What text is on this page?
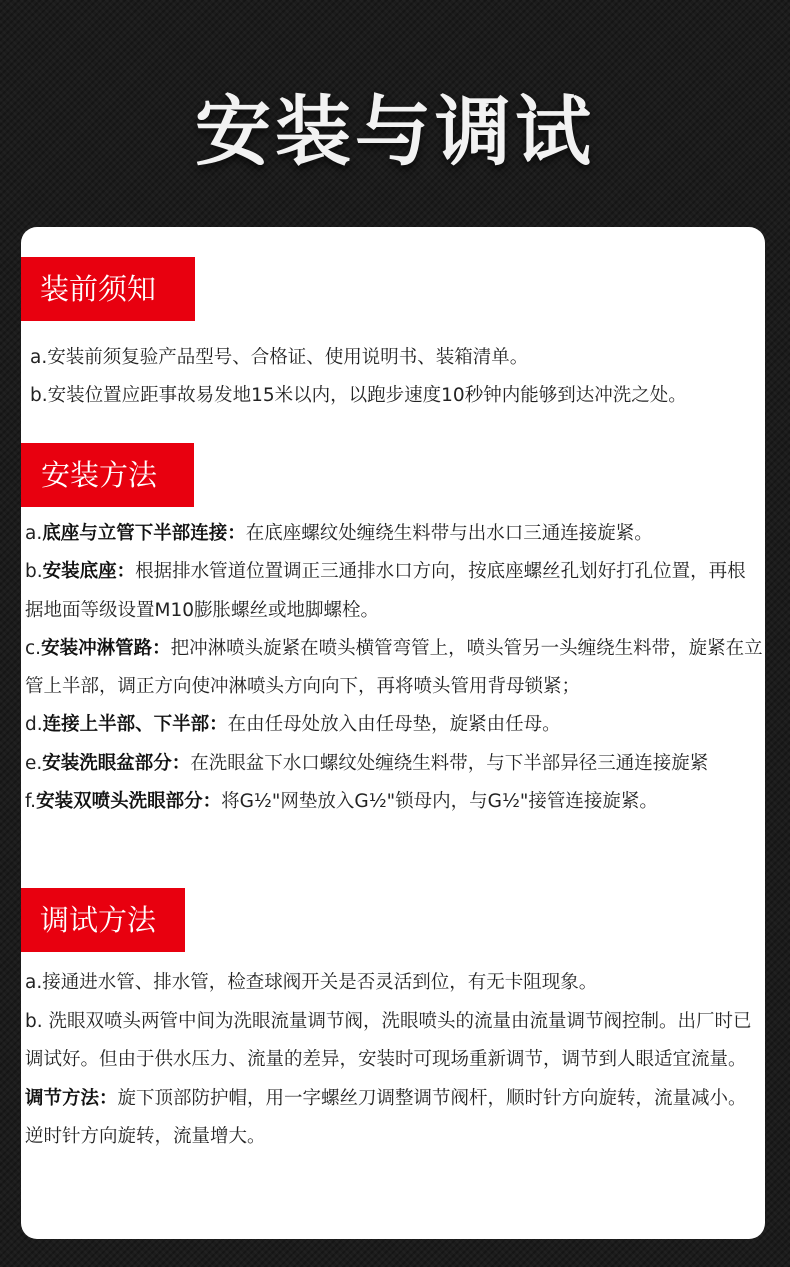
安装与调试
装前须知
a.安装前须复验产品型号、合格证、使用说明书、装箱清单。
b.安装位置应距事故易发地15米以内，以跑步速度10秒钟内能够到达冲洗之处。
安装方法
a.底座与立管下半部连接：在底座螺纹处缠绕生料带与出水口三通连接旋紧。
b.安装底座：根据排水管道位置调正三通排水口方向，按底座螺丝孔划好打孔位置，再根据地面等级设置M10膨胀螺丝或地脚螺栓。
c.安装冲淋管路：把冲淋喷头旋紧在喷头横管弯管上，喷头管另一头缠绕生料带，旋紧在立管上半部，调正方向使冲淋喷头方向向下，再将喷头管用背母锁紧；
d.连接上半部、下半部：在由任母处放入由任母垫，旋紧由任母。
e.安装洗眼盆部分：在洗眼盆下水口螺纹处缠绕生料带，与下半部异径三通连接旋紧
f.安装双喷头洗眼部分：将G½"网垫放入G½"锁母内，与G½"接管连接旋紧。
调试方法
a.接通进水管、排水管，检查球阀开关是否灵活到位，有无卡阻现象。
b. 洗眼双喷头两管中间为洗眼流量调节阀，洗眼喷头的流量由流量调节阀控制。出厂时已调试好。但由于供水压力、流量的差异，安装时可现场重新调节，调节到人眼适宜流量。
调节方法：旋下顶部防护帽，用一字螺丝刀调整调节阀杆，顺时针方向旋转，流量减小。逆时针方向旋转，流量增大。
